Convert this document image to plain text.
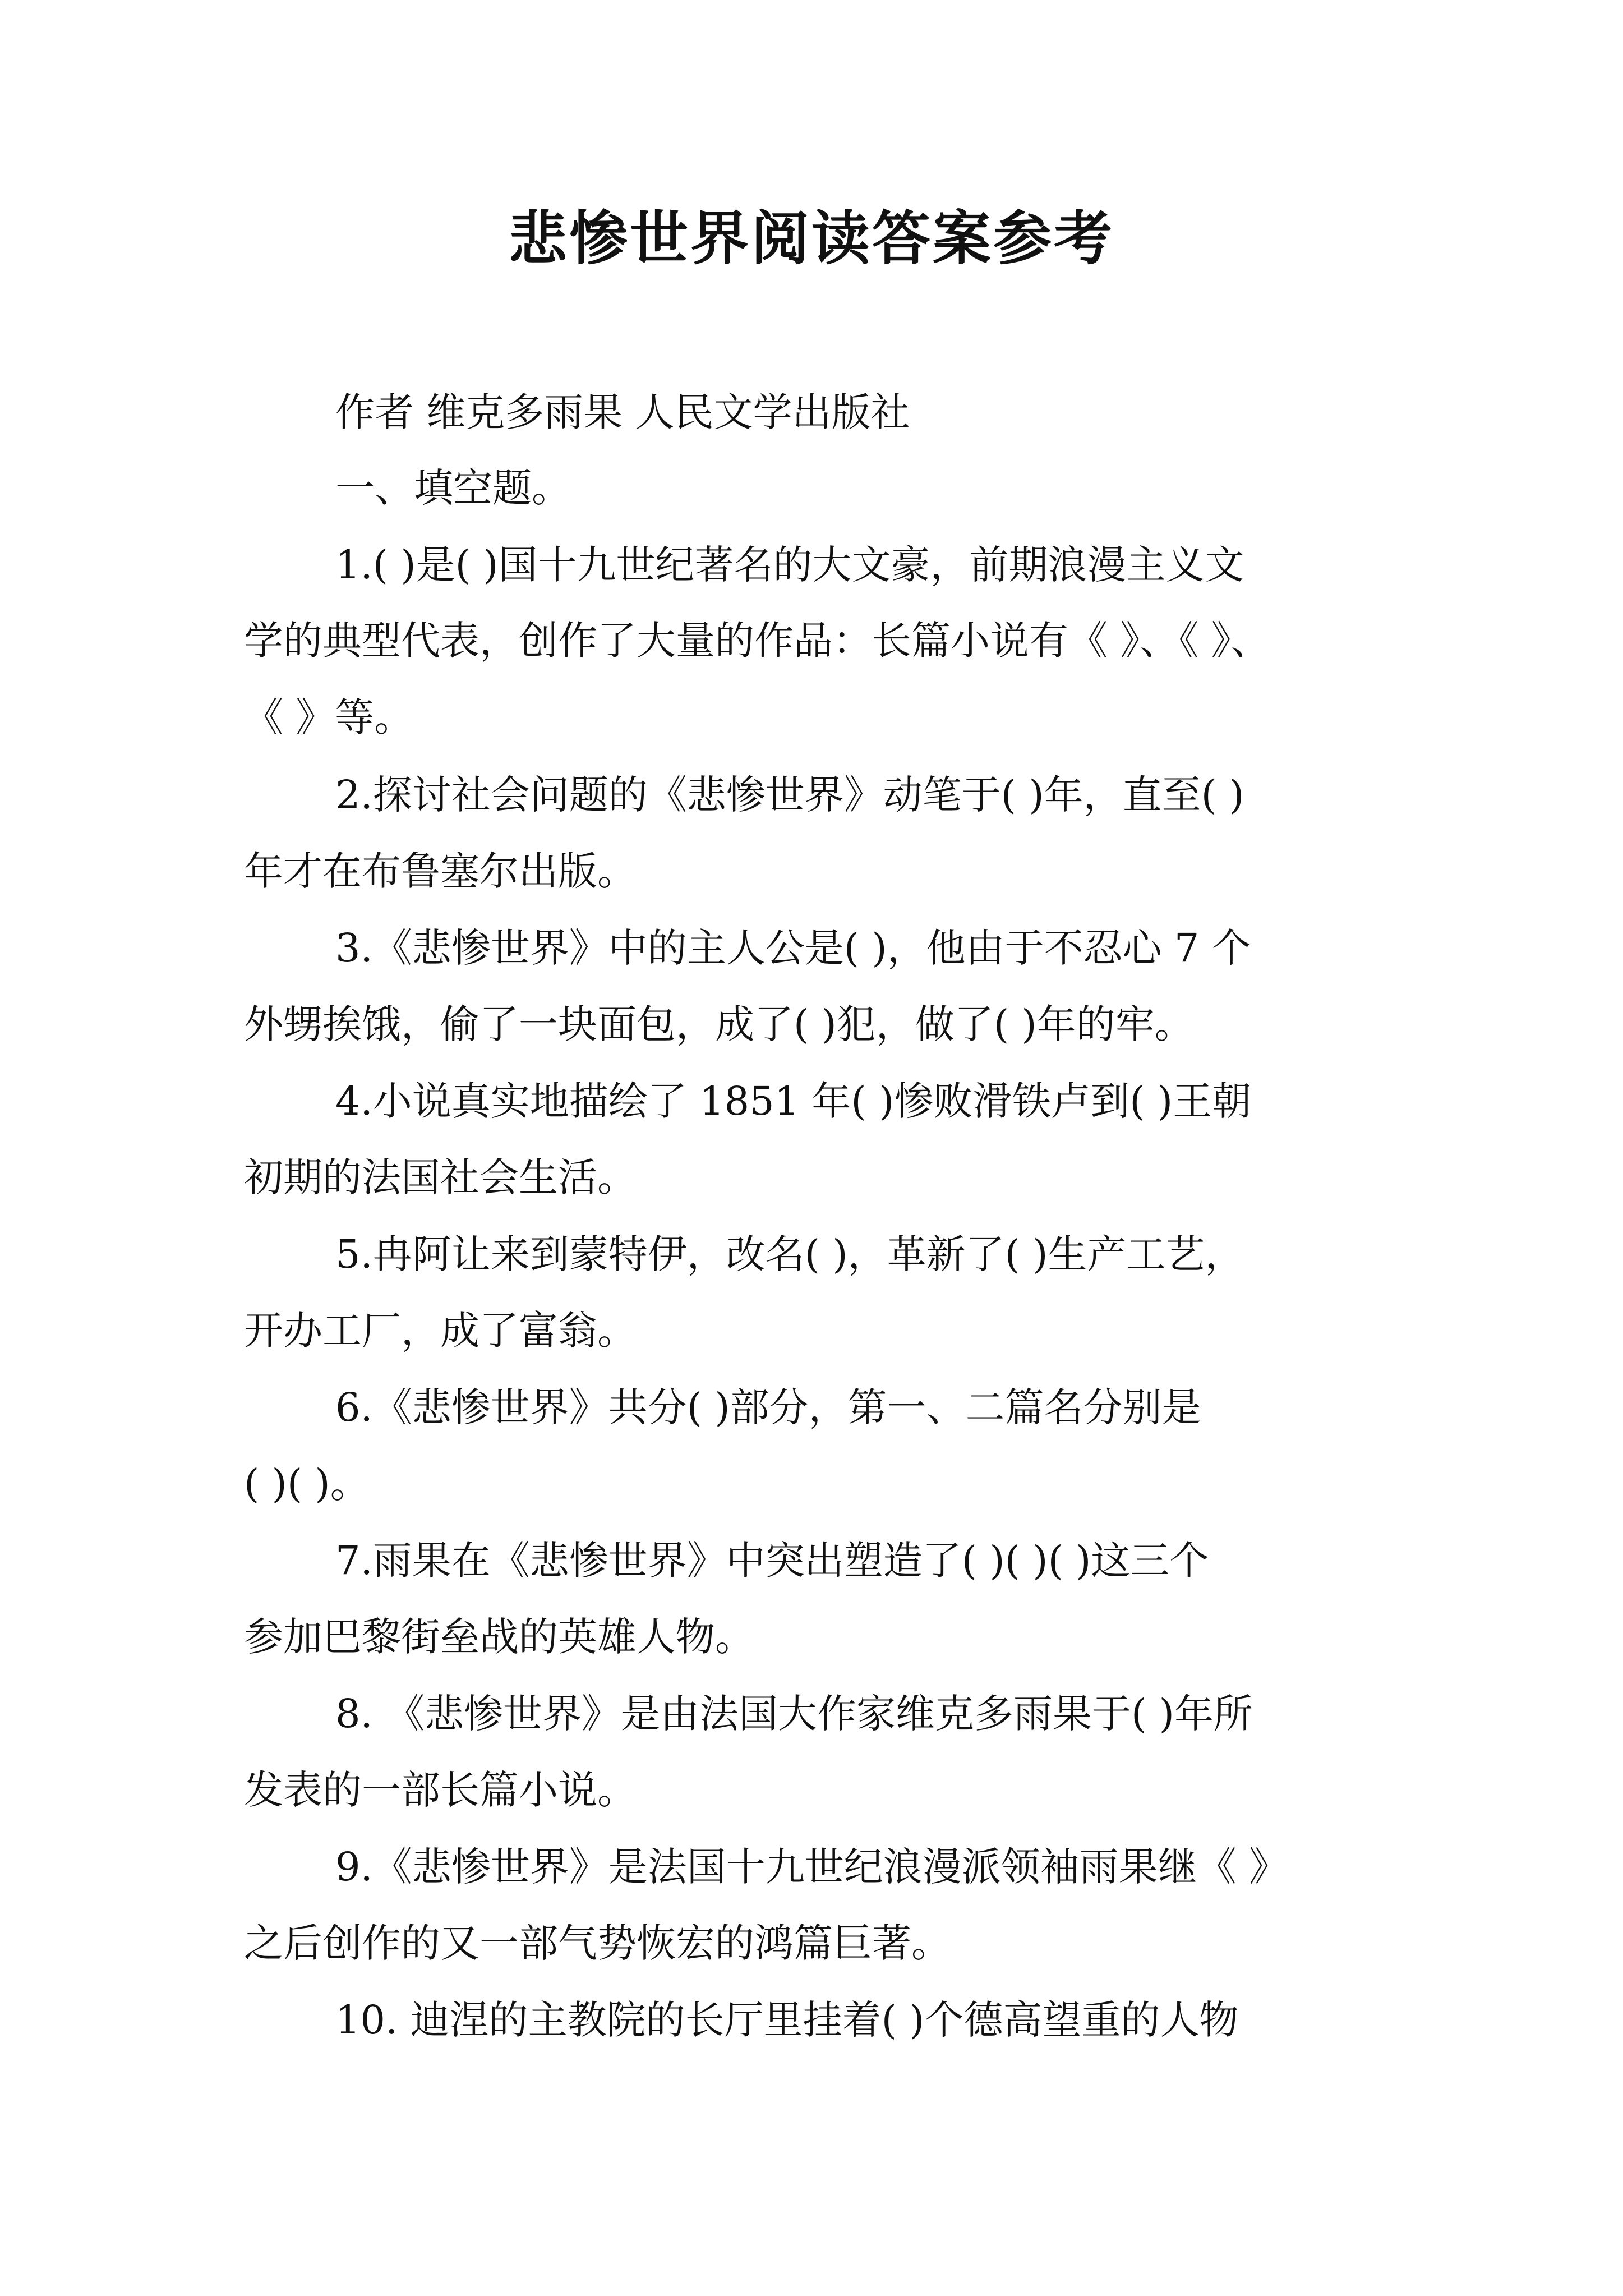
悲惨世界阅读答案参考

作者 维克多雨果 人民文学出版社

一、填空题。

1.( )是( )国十九世纪著名的大文豪，前期浪漫主义文

学的典型代表，创作了大量的作品：长篇小说有《 》、《 》、

《 》等。

2.探讨社会问题的《悲惨世界》动笔于( )年，直至( )

年才在布鲁塞尔出版。

3.《悲惨世界》中的主人公是( )，他由于不忍心 7 个

外甥挨饿，偷了一块面包，成了( )犯，做了( )年的牢。

4.小说真实地描绘了 1851 年( )惨败滑铁卢到( )王朝

初期的法国社会生活。

5.冉阿让来到蒙特伊，改名( )，革新了( )生产工艺，

开办工厂，成了富翁。

6.《悲惨世界》共分( )部分，第一、二篇名分别是

( )( )。

7.雨果在《悲惨世界》中突出塑造了( )( )( )这三个

参加巴黎街垒战的英雄人物。

8. 《悲惨世界》是由法国大作家维克多雨果于( )年所

发表的一部长篇小说。

9.《悲惨世界》是法国十九世纪浪漫派领袖雨果继《 》

之后创作的又一部气势恢宏的鸿篇巨著。

10. 迪涅的主教院的长厅里挂着( )个德高望重的人物
